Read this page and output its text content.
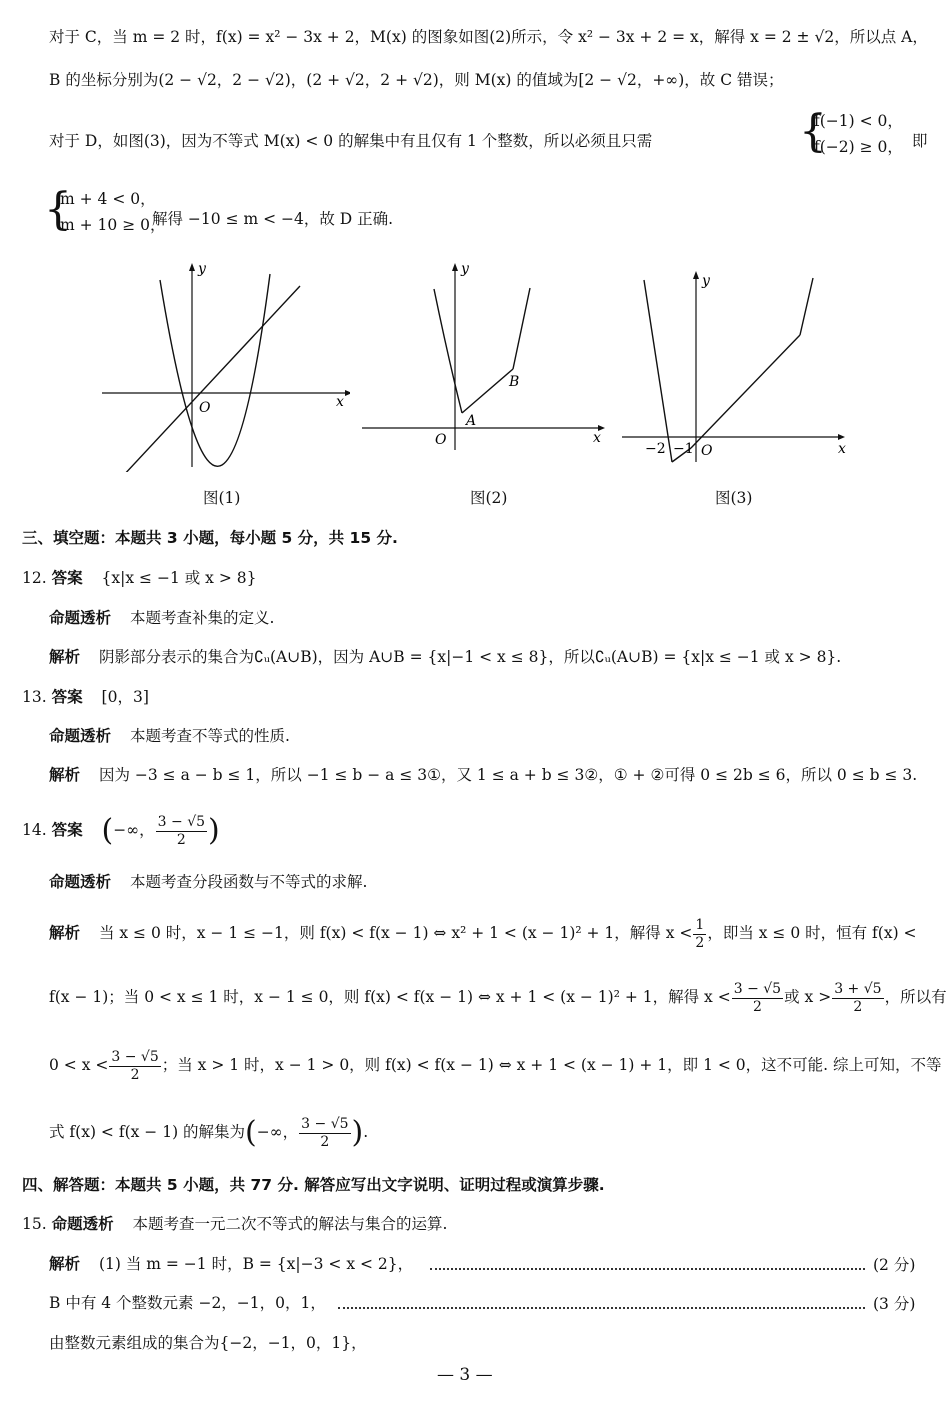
对于 C，当 m = 2 时，f(x) = x² − 3x + 2，M(x) 的图象如图(2)所示，令 x² − 3x + 2 = x，解得 x = 2 ± √2，所以点 A，
B 的坐标分别为(2 − √2，2 − √2)，(2 + √2，2 + √2)，则 M(x) 的值域为[2 − √2，+∞)，故 C 错误；
对于 D，如图(3)，因为不等式 M(x) < 0 的解集中有且仅有 1 个整数，所以必须且只需	{
f(−1) < 0，
f(−2) ≥ 0， 即
{
m + 4 < 0，
m + 10 ≥ 0，
解得 −10 ≤ m < −4，故 D 正确.
y
x
O
图(1)
y
x
O
A
B
图(2)
y
x
O
−2 −1
图(3)
三、填空题：本题共 3 小题，每小题 5 分，共 15 分.
12. 答案 {x|x ≤ −1 或 x > 8}
命题透析 本题考查补集的定义.
解析 阴影部分表示的集合为∁ᵤ(A∪B)，因为 A∪B = {x|−1 < x ≤ 8}，所以∁ᵤ(A∪B) = {x|x ≤ −1 或 x > 8}.
13. 答案 [0，3]
命题透析 本题考查不等式的性质.
解析 因为 −3 ≤ a − b ≤ 1，所以 −1 ≤ b − a ≤ 3①，又 1 ≤ a + b ≤ 3②，① + ②可得 0 ≤ 2b ≤ 6，所以 0 ≤ b ≤ 3.
14. 答案 (−∞， $\frac{3 - √5}{2}$ )
命题透析 本题考查分段函数与不等式的求解.
解析 当 x ≤ 0 时，x − 1 ≤ −1，则 f(x) < f(x − 1) ⇔ x² + 1 < (x − 1)² + 1，解得 $x < \frac{1}{2}$ ，即当 x ≤ 0 时，恒有 f(x) <
f(x − 1)；当 0 < x ≤ 1 时，x − 1 ≤ 0，则 f(x) < f(x − 1) ⇔ x + 1 < (x − 1)² + 1，解得 $x < \frac{3 - √5}{2}$ 或 $x > \frac{3 + √5}{2}$ ，所以有
$0 < x < \frac{3 - √5}{2}$ ；当 x > 1 时，x − 1 > 0，则 f(x) < f(x − 1) ⇔ x + 1 < (x − 1) + 1，即 1 < 0，这不可能. 综上可知，不等
式 f(x) < f(x − 1) 的解集为(−∞， $\frac{3 - √5}{2}$ ).
四、解答题：本题共 5 小题，共 77 分. 解答应写出文字说明、证明过程或演算步骤.
15. 命题透析 本题考查一元二次不等式的解法与集合的运算.
解析 (1) 当 m = −1 时，B = {x|−3 < x < 2}，	(2 分)
B 中有 4 个整数元素 −2，−1，0，1，	(3 分)
由整数元素组成的集合为{−2，−1，0，1}，
— 3 —
